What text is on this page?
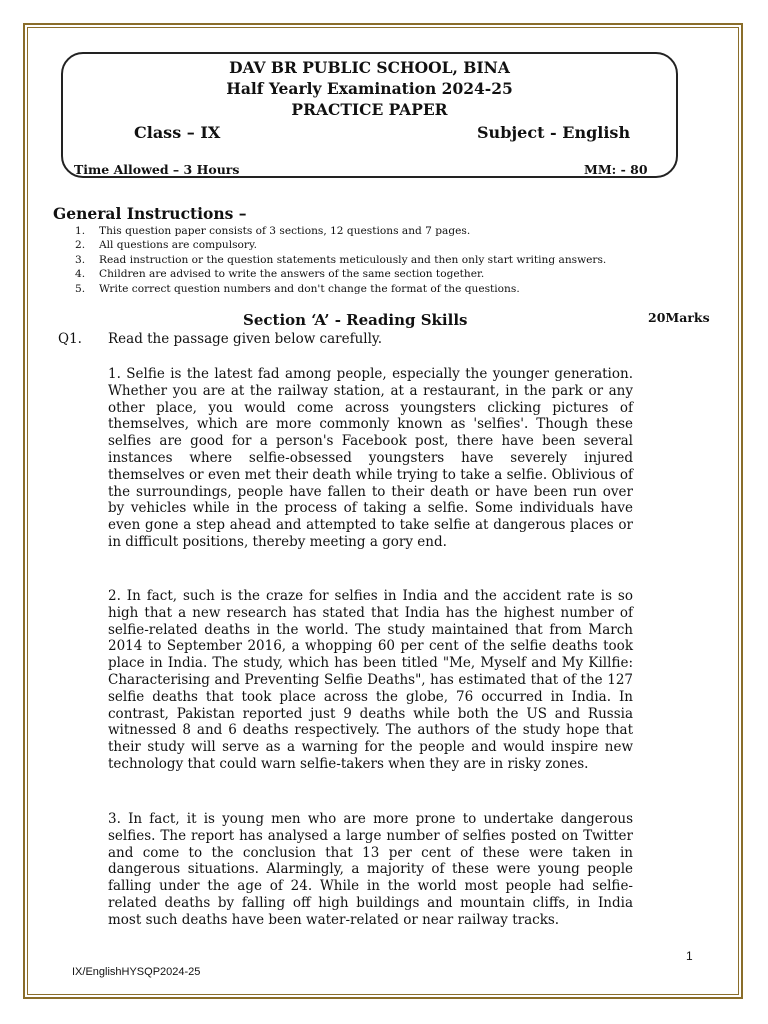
DAV BR PUBLIC SCHOOL, BINA
Half Yearly Examination 2024-25
PRACTICE PAPER
Class – IX	Subject - English
Time Allowed – 3 Hours	MM: - 80
General Instructions –
1. This question paper consists of 3 sections, 12 questions and 7 pages.
2. All questions are compulsory.
3. Read instruction or the question statements meticulously and then only start writing answers.
4. Children are advised to write the answers of the same section together.
5. Write correct question numbers and don't change the format of the questions.
Section ‘A’ - Reading Skills	20Marks
Q1. Read the passage given below carefully.

1. Selfie is the latest fad among people, especially the younger generation. Whether you are at the railway station, at a restaurant, in the park or any other place, you would come across youngsters clicking pictures of themselves, which are more commonly known as 'selfies'. Though these selfies are good for a person's Facebook post, there have been several instances where selfie-obsessed youngsters have severely injured themselves or even met their death while trying to take a selfie. Oblivious of the surroundings, people have fallen to their death or have been run over by vehicles while in the process of taking a selfie. Some individuals have even gone a step ahead and attempted to take selfie at dangerous places or in difficult positions, thereby meeting a gory end.

2. In fact, such is the craze for selfies in India and the accident rate is so high that a new research has stated that India has the highest number of selfie-related deaths in the world. The study maintained that from March 2014 to September 2016, a whopping 60 per cent of the selfie deaths took place in India. The study, which has been titled "Me, Myself and My Killfie: Characterising and Preventing Selfie Deaths", has estimated that of the 127 selfie deaths that took place across the globe, 76 occurred in India. In contrast, Pakistan reported just 9 deaths while both the US and Russia witnessed 8 and 6 deaths respectively. The authors of the study hope that their study will serve as a warning for the people and would inspire new technology that could warn selfie-takers when they are in risky zones.

3. In fact, it is young men who are more prone to undertake dangerous selfies. The report has analysed a large number of selfies posted on Twitter and come to the conclusion that 13 per cent of these were taken in dangerous situations. Alarmingly, a majority of these were young people falling under the age of 24. While in the world most people had selfie-related deaths by falling off high buildings and mountain cliffs, in India most such deaths have been water-related or near railway tracks.

1
IX/EnglishHYSQP2024-25
